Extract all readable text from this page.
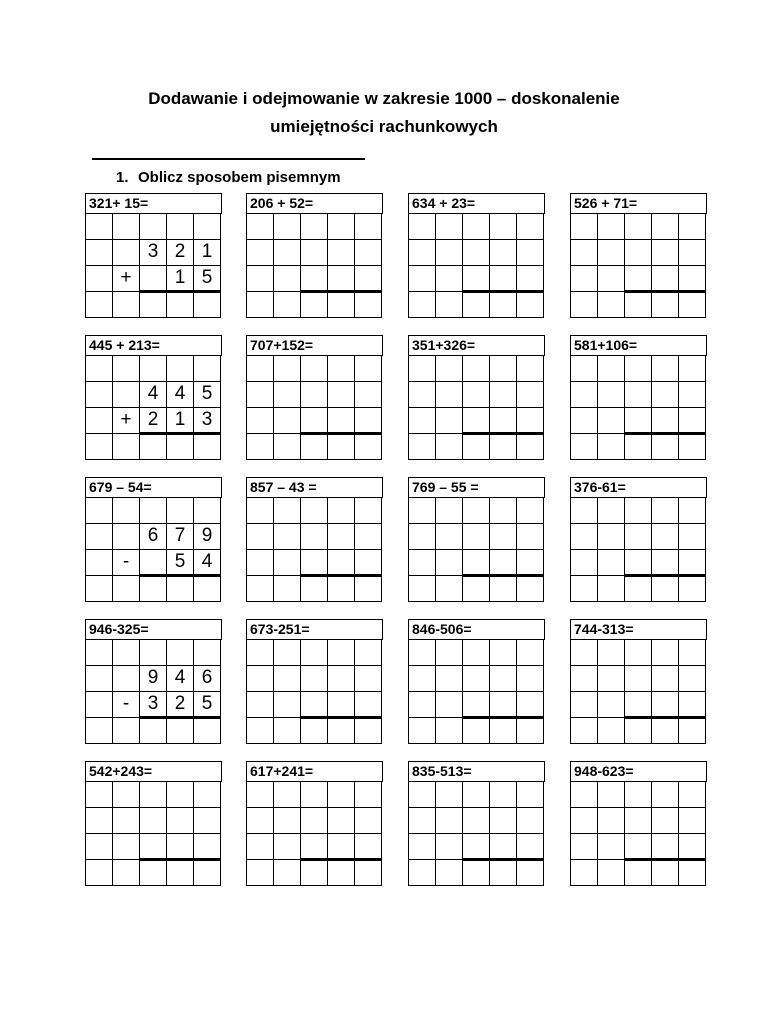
Dodawanie i odejmowanie w zakresie 1000 – doskonalenie
umiejętności rachunkowych
1. Oblicz sposobem pisemnym
321+ 15=
3 2 1
+	1 5
206 + 52=	634 + 23=	526 + 71=
445 + 213=
4 4 5
+ 2 1 3
707+152=	351+326=	581+106=
679 – 54=
6 7 9
-	5 4
857 – 43 =	769 – 55 =	376-61=
946-325=
9 4 6
- 3 2 5
673-251=	846-506=	744-313=
542+243=	617+241=	835-513=	948-623=
